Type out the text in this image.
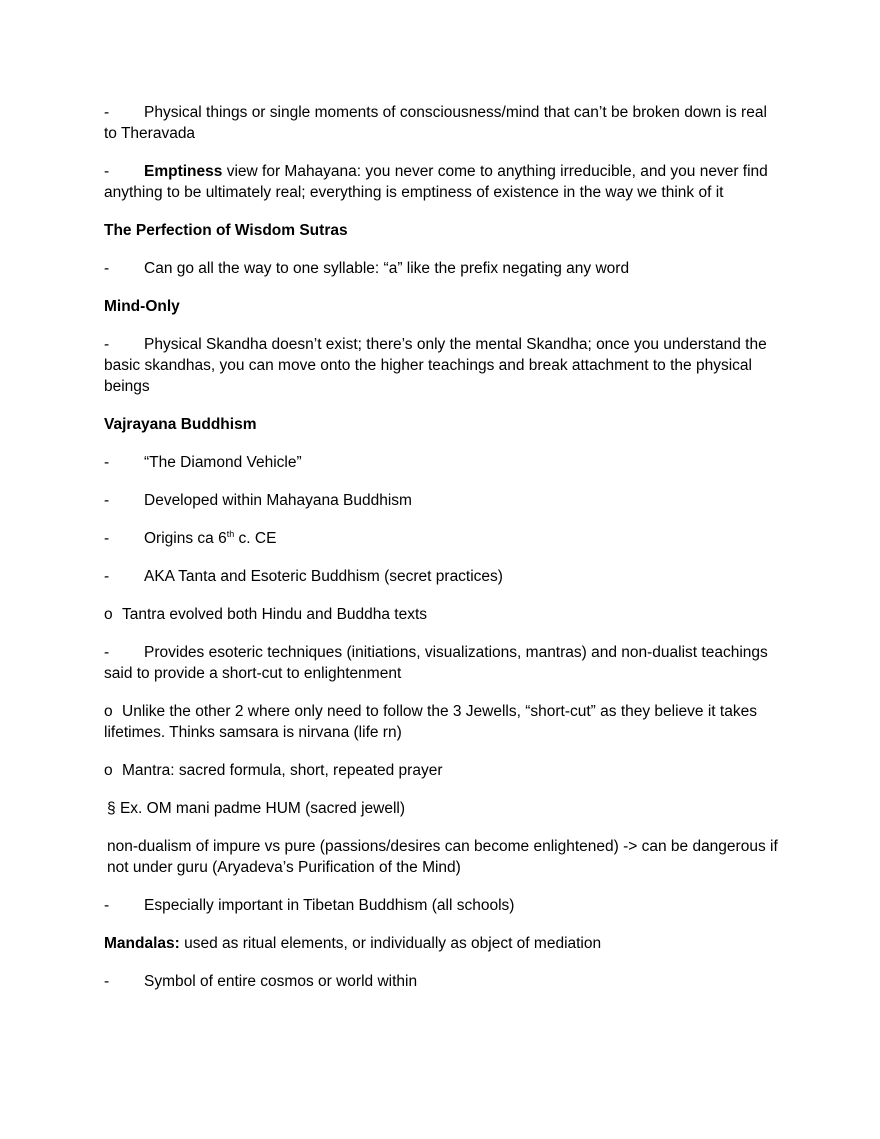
- Physical things or single moments of consciousness/mind that can’t be broken down is real to Theravada

- Emptiness view for Mahayana: you never come to anything irreducible, and you never find anything to be ultimately real; everything is emptiness of existence in the way we think of it

The Perfection of Wisdom Sutras

- Can go all the way to one syllable: “a” like the prefix negating any word

Mind-Only

- Physical Skandha doesn’t exist; there’s only the mental Skandha; once you understand the basic skandhas, you can move onto the higher teachings and break attachment to the physical beings

Vajrayana Buddhism

- “The Diamond Vehicle”

- Developed within Mahayana Buddhism

- Origins ca 6th c. CE

- AKA Tanta and Esoteric Buddhism (secret practices)

o Tantra evolved both Hindu and Buddha texts

- Provides esoteric techniques (initiations, visualizations, mantras) and non-dualist teachings said to provide a short-cut to enlightenment

o Unlike the other 2 where only need to follow the 3 Jewells, “short-cut” as they believe it takes lifetimes. Thinks samsara is nirvana (life rn)

o Mantra: sacred formula, short, repeated prayer

§ Ex. OM mani padme HUM (sacred jewell)

non-dualism of impure vs pure (passions/desires can become enlightened) -> can be dangerous if not under guru (Aryadeva’s Purification of the Mind)

- Especially important in Tibetan Buddhism (all schools)

Mandalas: used as ritual elements, or individually as object of mediation

- Symbol of entire cosmos or world within
